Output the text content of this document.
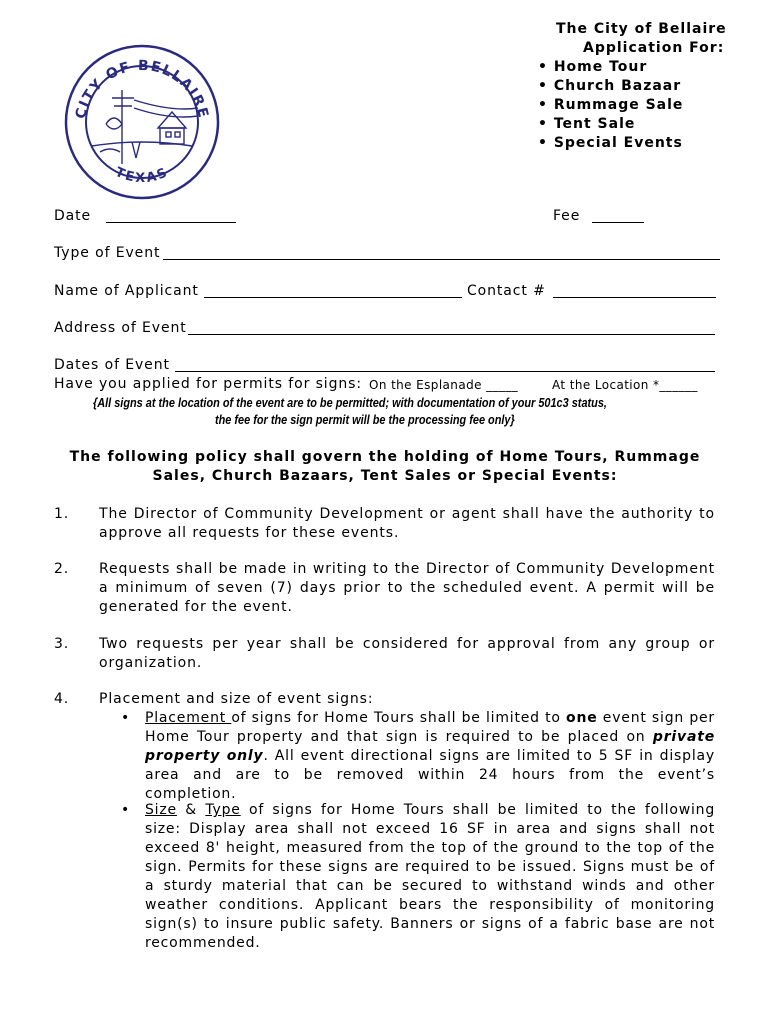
CITY OF BELLAIRE
TEXAS
The City of Bellaire
Application For:
• Home Tour
• Church Bazaar
• Rummage Sale
• Tent Sale
• Special Events
Date	Fee
Type of Event
Name of Applicant	Contact #
Address of Event
Dates of Event
Have you applied for permits for signs: On the Esplanade _____	At the Location *______
{All signs at the location of the event are to be permitted; with documentation of your 501c3 status,
the fee for the sign permit will be the processing fee only}
The following policy shall govern the holding of Home Tours, Rummage
Sales, Church Bazaars, Tent Sales or Special Events:
1. The Director of Community Development or agent shall have the authority to approve all requests for these events.
2. Requests shall be made in writing to the Director of Community Development a minimum of seven (7) days prior to the scheduled event. A permit will be generated for the event.
3. Two requests per year shall be considered for approval from any group or organization.
4. Placement and size of event signs:
• Placement of signs for Home Tours shall be limited to one event sign per Home Tour property and that sign is required to be placed on private property only. All event directional signs are limited to 5 SF in display area and are to be removed within 24 hours from the event’s completion.
• Size & Type of signs for Home Tours shall be limited to the following size: Display area shall not exceed 16 SF in area and signs shall not exceed 8' height, measured from the top of the ground to the top of the sign. Permits for these signs are required to be issued. Signs must be of a sturdy material that can be secured to withstand winds and other weather conditions. Applicant bears the responsibility of monitoring sign(s) to insure public safety. Banners or signs of a fabric base are not recommended.
